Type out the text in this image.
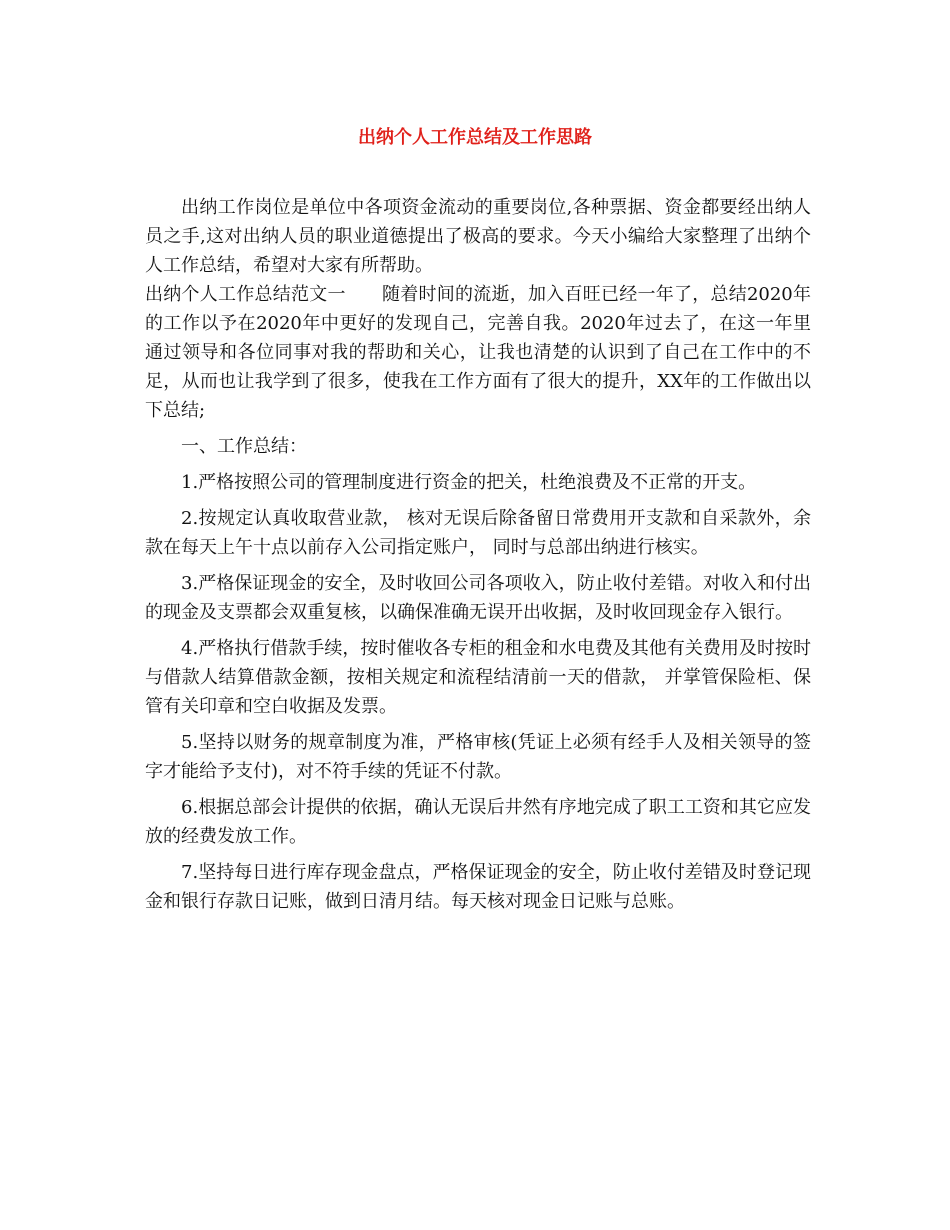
出纳个人工作总结及工作思路

出纳工作岗位是单位中各项资金流动的重要岗位,各种票据、资金都要经出纳人员之手,这对出纳人员的职业道德提出了极高的要求。今天小编给大家整理了出纳个人工作总结，希望对大家有所帮助。

出纳个人工作总结范文一 随着时间的流逝，加入百旺已经一年了，总结2020年的工作以予在2020年中更好的发现自己，完善自我。2020年过去了，在这一年里通过领导和各位同事对我的帮助和关心，让我也清楚的认识到了自己在工作中的不足，从而也让我学到了很多，使我在工作方面有了很大的提升，XX年的工作做出以下总结;

一、工作总结：

1.严格按照公司的管理制度进行资金的把关，杜绝浪费及不正常的开支。

2.按规定认真收取营业款， 核对无误后除备留日常费用开支款和自采款外，余款在每天上午十点以前存入公司指定账户， 同时与总部出纳进行核实。

3.严格保证现金的安全，及时收回公司各项收入，防止收付差错。对收入和付出的现金及支票都会双重复核，以确保准确无误开出收据，及时收回现金存入银行。

4.严格执行借款手续，按时催收各专柜的租金和水电费及其他有关费用及时按时与借款人结算借款金额，按相关规定和流程结清前一天的借款， 并掌管保险柜、保管有关印章和空白收据及发票。

5.坚持以财务的规章制度为准，严格审核(凭证上必须有经手人及相关领导的签字才能给予支付)，对不符手续的凭证不付款。

6.根据总部会计提供的依据，确认无误后井然有序地完成了职工工资和其它应发放的经费发放工作。

7.坚持每日进行库存现金盘点，严格保证现金的安全，防止收付差错及时登记现金和银行存款日记账，做到日清月结。每天核对现金日记账与总账。
